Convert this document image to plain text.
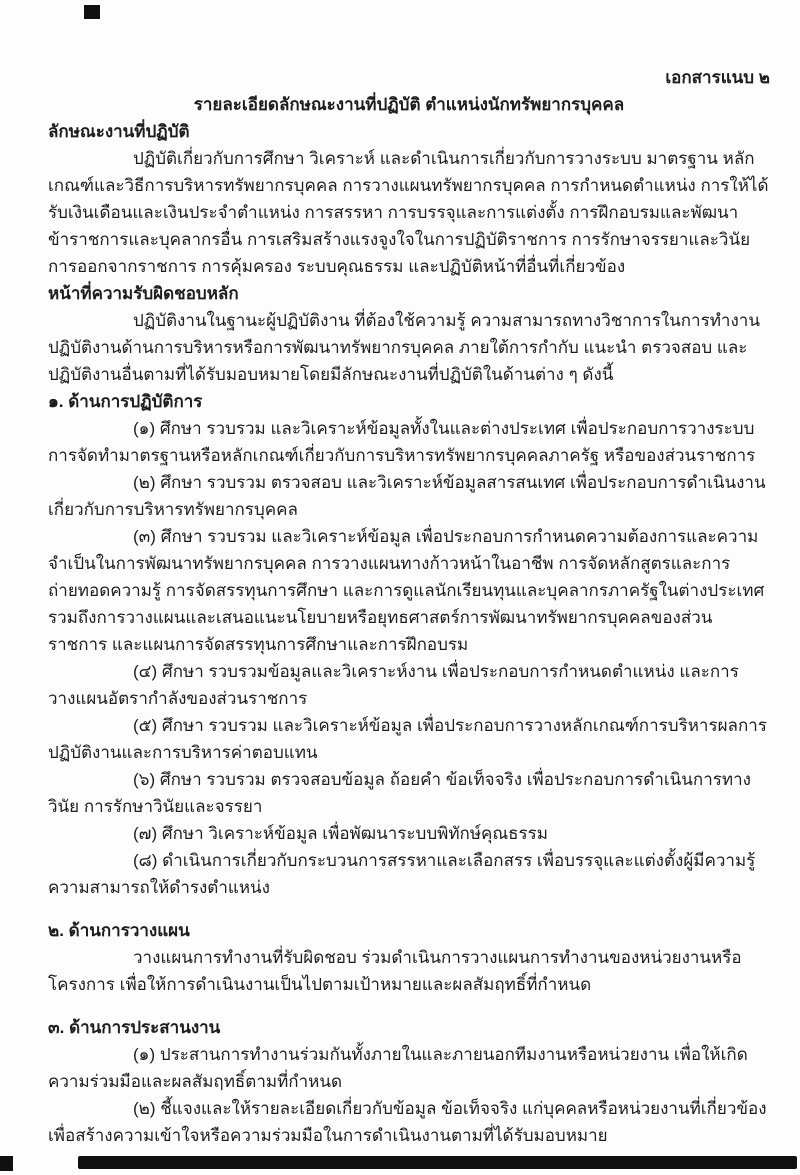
เอกสารแนบ ๒

รายละเอียดลักษณะงานที่ปฏิบัติ ตำแหน่งนักทรัพยากรบุคคล
ลักษณะงานที่ปฏิบัติ

ปฏิบัติเกี่ยวกับการศึกษา วิเคราะห์ และดำเนินการเกี่ยวกับการวางระบบ มาตรฐาน หลักเกณฑ์และวิธีการบริหารทรัพยากรบุคคล การวางแผนทรัพยากรบุคคล การกำหนดตำแหน่ง การให้ได้รับเงินเดือนและเงินประจำตำแหน่ง การสรรหา การบรรจุและการแต่งตั้ง การฝึกอบรมและพัฒนาข้าราชการและบุคลากรอื่น การเสริมสร้างแรงจูงใจในการปฏิบัติราชการ การรักษาจรรยาและวินัย การออกจากราชการ การคุ้มครอง ระบบคุณธรรม และปฏิบัติหน้าที่อื่นที่เกี่ยวข้อง

หน้าที่ความรับผิดชอบหลัก

ปฏิบัติงานในฐานะผู้ปฏิบัติงาน ที่ต้องใช้ความรู้ ความสามารถทางวิชาการในการทำงาน ปฏิบัติงานด้านการบริหารหรือการพัฒนาทรัพยากรบุคคล ภายใต้การกำกับ แนะนำ ตรวจสอบ และปฏิบัติงานอื่นตามที่ได้รับมอบหมายโดยมีลักษณะงานที่ปฏิบัติในด้านต่าง ๆ ดังนี้

๑. ด้านการปฏิบัติการ

(๑) ศึกษา รวบรวม และวิเคราะห์ข้อมูลทั้งในและต่างประเทศ เพื่อประกอบการวางระบบการจัดทำมาตรฐานหรือหลักเกณฑ์เกี่ยวกับการบริหารทรัพยากรบุคคลภาครัฐ หรือของส่วนราชการ

(๒) ศึกษา รวบรวม ตรวจสอบ และวิเคราะห์ข้อมูลสารสนเทศ เพื่อประกอบการดำเนินงานเกี่ยวกับการบริหารทรัพยากรบุคคล

(๓) ศึกษา รวบรวม และวิเคราะห์ข้อมูล เพื่อประกอบการกำหนดความต้องการและความจำเป็นในการพัฒนาทรัพยากรบุคคล การวางแผนทางก้าวหน้าในอาชีพ การจัดหลักสูตรและการถ่ายทอดความรู้ การจัดสรรทุนการศึกษา และการดูแลนักเรียนทุนและบุคลากรภาครัฐในต่างประเทศ รวมถึงการวางแผนและเสนอแนะนโยบายหรือยุทธศาสตร์การพัฒนาทรัพยากรบุคคลของส่วนราชการ และแผนการจัดสรรทุนการศึกษาและการฝึกอบรม

(๔) ศึกษา รวบรวมข้อมูลและวิเคราะห์งาน เพื่อประกอบการกำหนดตำแหน่ง และการวางแผนอัตรากำลังของส่วนราชการ

(๕) ศึกษา รวบรวม และวิเคราะห์ข้อมูล เพื่อประกอบการวางหลักเกณฑ์การบริหารผลการปฏิบัติงานและการบริหารค่าตอบแทน

(๖) ศึกษา รวบรวม ตรวจสอบข้อมูล ถ้อยคำ ข้อเท็จจริง เพื่อประกอบการดำเนินการทางวินัย การรักษาวินัยและจรรยา

(๗) ศึกษา วิเคราะห์ข้อมูล เพื่อพัฒนาระบบพิทักษ์คุณธรรม

(๘) ดำเนินการเกี่ยวกับกระบวนการสรรหาและเลือกสรร เพื่อบรรจุและแต่งตั้งผู้มีความรู้ความสามารถให้ดำรงตำแหน่ง

๒. ด้านการวางแผน

วางแผนการทำงานที่รับผิดชอบ ร่วมดำเนินการวางแผนการทำงานของหน่วยงานหรือโครงการ เพื่อให้การดำเนินงานเป็นไปตามเป้าหมายและผลสัมฤทธิ์ที่กำหนด

๓. ด้านการประสานงาน

(๑) ประสานการทำงานร่วมกันทั้งภายในและภายนอกทีมงานหรือหน่วยงาน เพื่อให้เกิดความร่วมมือและผลสัมฤทธิ์ตามที่กำหนด

(๒) ชี้แจงและให้รายละเอียดเกี่ยวกับข้อมูล ข้อเท็จจริง แก่บุคคลหรือหน่วยงานที่เกี่ยวข้องเพื่อสร้างความเข้าใจหรือความร่วมมือในการดำเนินงานตามที่ได้รับมอบหมาย
